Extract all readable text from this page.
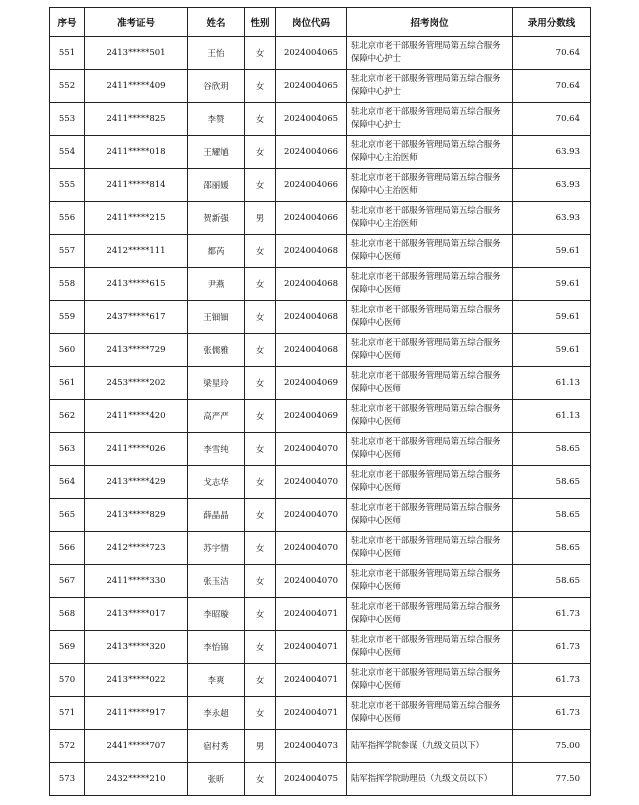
序号	准考证号	姓名	性别	岗位代码	招考岗位	录用分数线
551	2413*****501	王怡	女	2024004065	驻北京市老干部服务管理局第五综合服务保障中心护士	70.64
552	2411*****409	谷欣玥	女	2024004065	驻北京市老干部服务管理局第五综合服务保障中心护士	70.64
553	2411*****825	李赞	女	2024004065	驻北京市老干部服务管理局第五综合服务保障中心护士	70.64
554	2411*****018	王耀馗	女	2024004066	驻北京市老干部服务管理局第五综合服务保障中心主治医师	63.93
555	2411*****814	邵丽媛	女	2024004066	驻北京市老干部服务管理局第五综合服务保障中心主治医师	63.93
556	2411*****215	贺新强	男	2024004066	驻北京市老干部服务管理局第五综合服务保障中心主治医师	63.93
557	2412*****111	都芮	女	2024004068	驻北京市老干部服务管理局第五综合服务保障中心医师	59.61
558	2413*****615	尹燕	女	2024004068	驻北京市老干部服务管理局第五综合服务保障中心医师	59.61
559	2437*****617	王钿钿	女	2024004068	驻北京市老干部服务管理局第五综合服务保障中心医师	59.61
560	2413*****729	张儒雅	女	2024004068	驻北京市老干部服务管理局第五综合服务保障中心医师	59.61
561	2453*****202	梁星玲	女	2024004069	驻北京市老干部服务管理局第五综合服务保障中心医师	61.13
562	2411*****420	高严严	女	2024004069	驻北京市老干部服务管理局第五综合服务保障中心医师	61.13
563	2411*****026	李雪纯	女	2024004070	驻北京市老干部服务管理局第五综合服务保障中心医师	58.65
564	2413*****429	戈志华	女	2024004070	驻北京市老干部服务管理局第五综合服务保障中心医师	58.65
565	2413*****829	薛晶晶	女	2024004070	驻北京市老干部服务管理局第五综合服务保障中心医师	58.65
566	2412*****723	苏宇情	女	2024004070	驻北京市老干部服务管理局第五综合服务保障中心医师	58.65
567	2411*****330	张玉洁	女	2024004070	驻北京市老干部服务管理局第五综合服务保障中心医师	58.65
568	2413*****017	李昭璇	女	2024004071	驻北京市老干部服务管理局第五综合服务保障中心医师	61.73
569	2413*****320	李怡锦	女	2024004071	驻北京市老干部服务管理局第五综合服务保障中心医师	61.73
570	2413*****022	李爽	女	2024004071	驻北京市老干部服务管理局第五综合服务保障中心医师	61.73
571	2411*****917	李永超	女	2024004071	驻北京市老干部服务管理局第五综合服务保障中心医师	61.73
572	2441*****707	宿村秀	男	2024004073	陆军指挥学院参谋（九级文员以下）	75.00
573	2432*****210	张昕	女	2024004075	陆军指挥学院助理员（九级文员以下）	77.50
